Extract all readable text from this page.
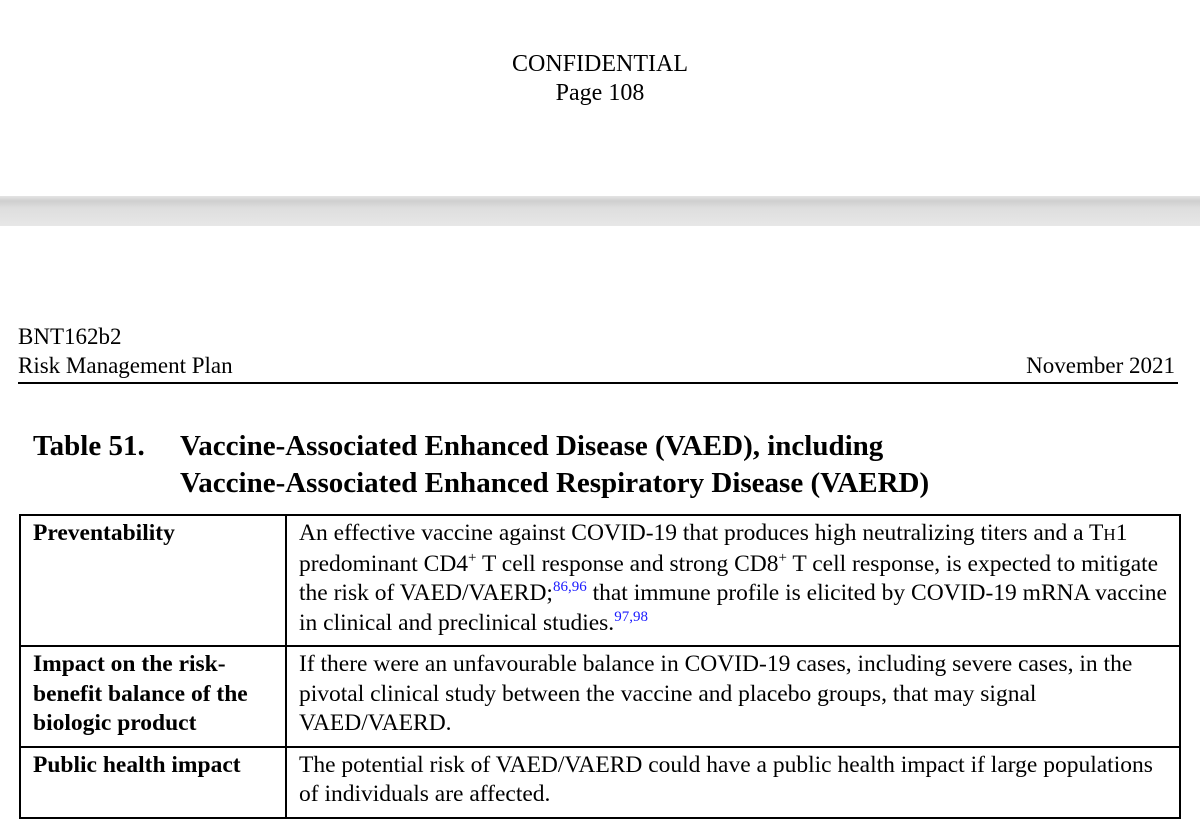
CONFIDENTIAL
Page 108
BNT162b2
Risk Management Plan	November 2021
Table 51.	Vaccine-Associated Enhanced Disease (VAED), including
Vaccine-Associated Enhanced Respiratory Disease (VAERD)
Preventability	An effective vaccine against COVID-19 that produces high neutralizing titers and a TH1 predominant CD4+ T cell response and strong CD8+ T cell response, is expected to mitigate the risk of VAED/VAERD;$^{86,96}$ that immune profile is elicited by COVID-19 mRNA vaccine in clinical and preclinical studies.$^{97,98}$
Impact on the risk-benefit balance of the biologic product	If there were an unfavourable balance in COVID-19 cases, including severe cases, in the pivotal clinical study between the vaccine and placebo groups, that may signal VAED/VAERD.
Public health impact	The potential risk of VAED/VAERD could have a public health impact if large populations of individuals are affected.
